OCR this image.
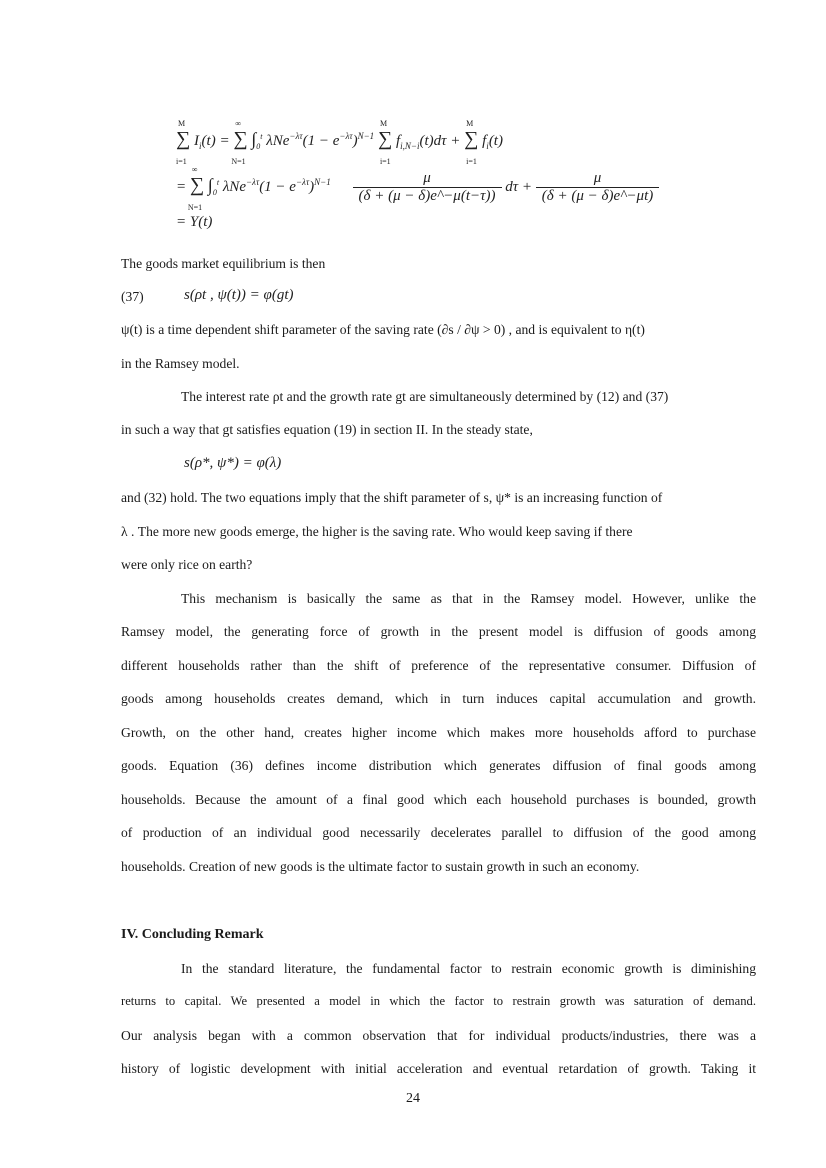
M
∑
i=1
$I_i(t)$ =
∞
∑
N=1
$\int_0^t$ $\lambda Ne^{-\lambda\tau}(1 - e^{-\lambda\tau})^{N-1}$
M
∑
i=1
$f_{i,N-i}(t)d\tau$ +
M
∑
i=1
$f_i(t)$
=
∞
∑
N=1
$\int_0^t$ $\lambda Ne^{-\lambda\tau}(1 - e^{-\lambda\tau})^{N-1} \frac{\mu}{(\delta + (\mu - \delta)e\^{}-\mu(t-\tau))}$ $d\tau + \frac{\mu}{(\delta + (\mu - \delta)e\^{}-\mu t)}$
= Y(t)
The goods market equilibrium is then
(37)	s(ρt , ψ(t)) = φ(gt)
ψ(t) is a time dependent shift parameter of the saving rate (∂s / ∂ψ > 0) , and is equivalent to η(t)
in the Ramsey model.
The interest rate ρt and the growth rate gt are simultaneously determined by (12) and (37)
in such a way that gt satisfies equation (19) in section II. In the steady state,
s(ρ*, ψ*) = φ(λ)
and (32) hold. The two equations imply that the shift parameter of s, ψ* is an increasing function of
λ . The more new goods emerge, the higher is the saving rate. Who would keep saving if there
were only rice on earth?
This mechanism is basically the same as that in the Ramsey model. However, unlike the
Ramsey model, the generating force of growth in the present model is diffusion of goods among
different households rather than the shift of preference of the representative consumer. Diffusion of
goods among households creates demand, which in turn induces capital accumulation and growth.
Growth, on the other hand, creates higher income which makes more households afford to purchase
goods. Equation (36) defines income distribution which generates diffusion of final goods among
households. Because the amount of a final good which each household purchases is bounded, growth
of production of an individual good necessarily decelerates parallel to diffusion of the good among
households. Creation of new goods is the ultimate factor to sustain growth in such an economy.
IV. Concluding Remark
In the standard literature, the fundamental factor to restrain economic growth is diminishing
returns to capital. We presented a model in which the factor to restrain growth was saturation of demand.
Our analysis began with a common observation that for individual products/industries, there was a
history of logistic development with initial acceleration and eventual retardation of growth. Taking it
24
